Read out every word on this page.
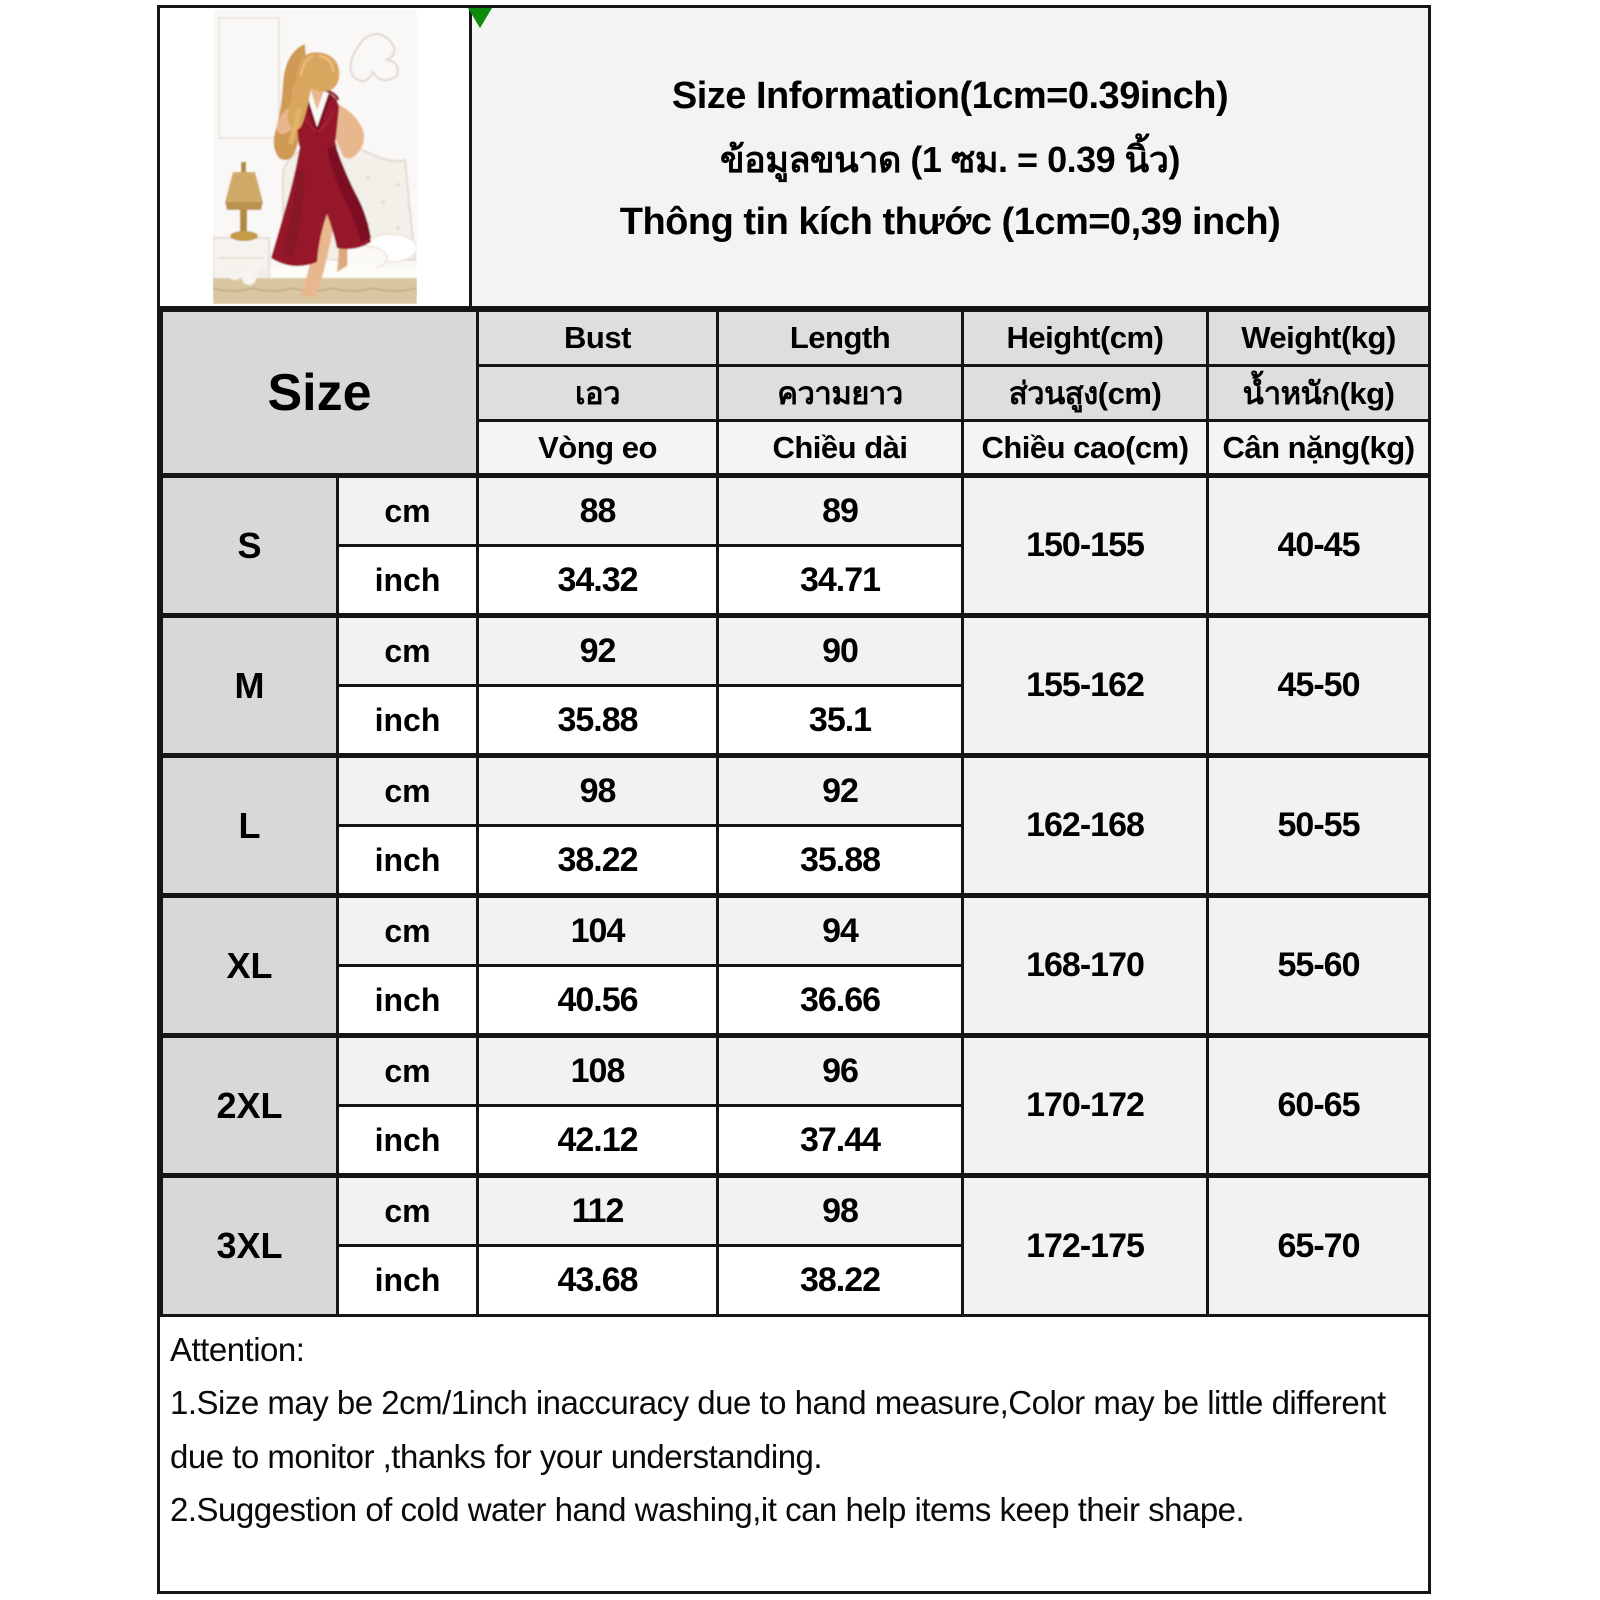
Size Information(1cm=0.39inch)
ข้อมูลขนาด (1 ซม. = 0.39 นิ้ว)
Thông tin kích thước (1cm=0,39 inch)
Size		Bust	Length	Height(cm)	Weight(kg)
		เอว	ความยาว	ส่วนสูง(cm)	น้ำหนัก(kg)
		Vòng eo	Chiều dài	Chiều cao(cm)	Cân nặng(kg)
S	cm	88	89	150-155	40-45
	inch	34.32	34.71		
M	cm	92	90	155-162	45-50
	inch	35.88	35.1		
L	cm	98	92	162-168	50-55
	inch	38.22	35.88		
XL	cm	104	94	168-170	55-60
	inch	40.56	36.66		
2XL	cm	108	96	170-172	60-65
	inch	42.12	37.44		
3XL	cm	112	98	172-175	65-70
	inch	43.68	38.22		
Attention:
1.Size may be 2cm/1inch inaccuracy due to hand measure,Color may be little different due to monitor ,thanks for your understanding.
2.Suggestion of cold water hand washing,it can help items keep their shape.
